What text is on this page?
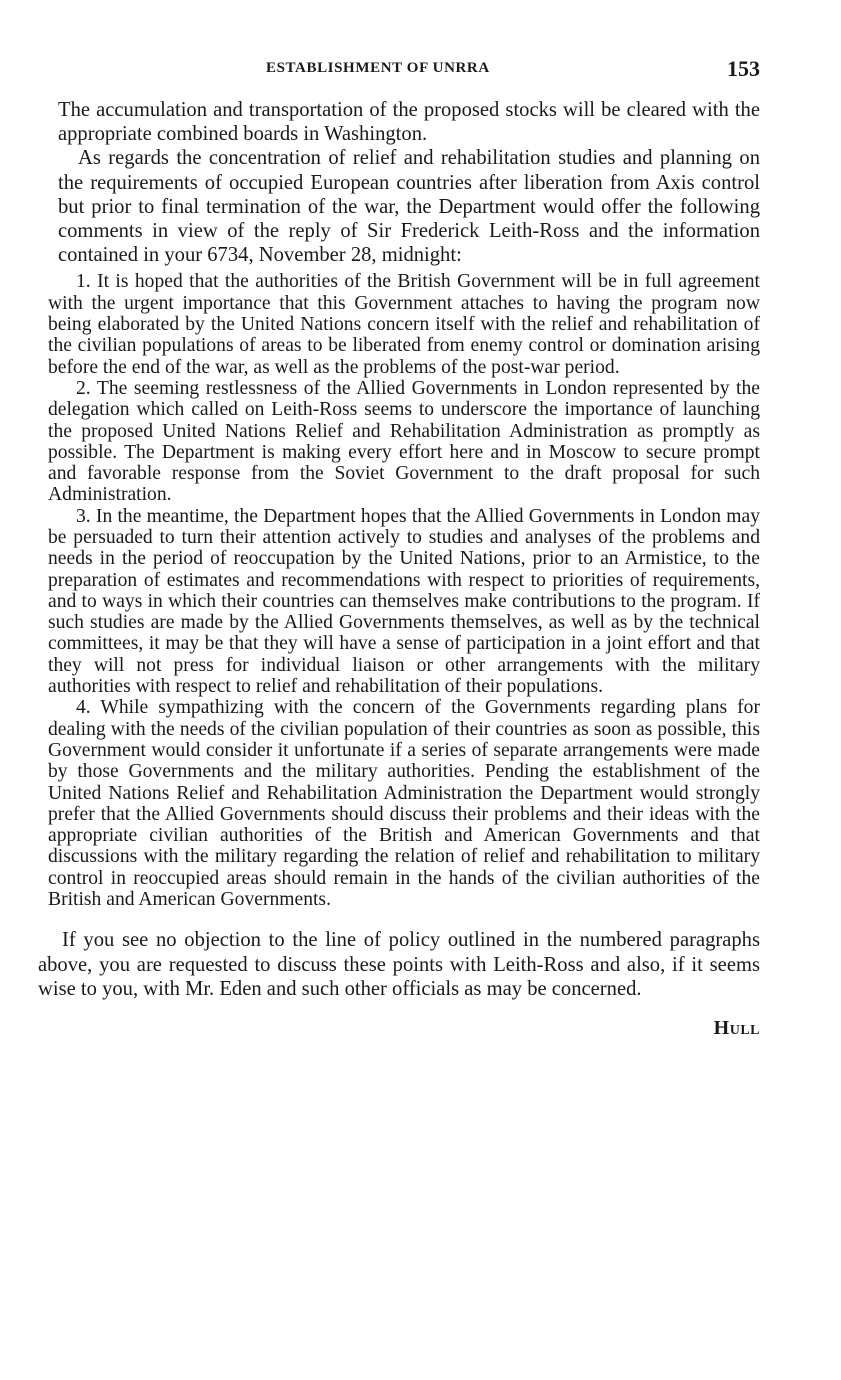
ESTABLISHMENT OF UNRRA	153

The accumulation and transportation of the proposed stocks will be cleared with the appropriate combined boards in Washington.

As regards the concentration of relief and rehabilitation studies and planning on the requirements of occupied European countries after liberation from Axis control but prior to final termination of the war, the Department would offer the following comments in view of the reply of Sir Frederick Leith-Ross and the information contained in your 6734, November 28, midnight:

1. It is hoped that the authorities of the British Government will be in full agreement with the urgent importance that this Government attaches to having the program now being elaborated by the United Nations concern itself with the relief and rehabilitation of the civilian populations of areas to be liberated from enemy control or domination arising before the end of the war, as well as the problems of the post-war period.

2. The seeming restlessness of the Allied Governments in London represented by the delegation which called on Leith-Ross seems to underscore the importance of launching the proposed United Nations Relief and Rehabilitation Administration as promptly as possible. The Department is making every effort here and in Moscow to secure prompt and favorable response from the Soviet Government to the draft proposal for such Administration.

3. In the meantime, the Department hopes that the Allied Governments in London may be persuaded to turn their attention actively to studies and analyses of the problems and needs in the period of reoccupation by the United Nations, prior to an Armistice, to the preparation of estimates and recommendations with respect to priorities of requirements, and to ways in which their countries can themselves make contributions to the program. If such studies are made by the Allied Governments themselves, as well as by the technical committees, it may be that they will have a sense of participation in a joint effort and that they will not press for individual liaison or other arrangements with the military authorities with respect to relief and rehabilitation of their populations.

4. While sympathizing with the concern of the Governments regarding plans for dealing with the needs of the civilian population of their countries as soon as possible, this Government would consider it unfortunate if a series of separate arrangements were made by those Governments and the military authorities. Pending the establishment of the United Nations Relief and Rehabilitation Administration the Department would strongly prefer that the Allied Governments should discuss their problems and their ideas with the appropriate civilian authorities of the British and American Governments and that discussions with the military regarding the relation of relief and rehabilitation to military control in reoccupied areas should remain in the hands of the civilian authorities of the British and American Governments.

If you see no objection to the line of policy outlined in the numbered paragraphs above, you are requested to discuss these points with Leith-Ross and also, if it seems wise to you, with Mr. Eden and such other officials as may be concerned.

Hull
